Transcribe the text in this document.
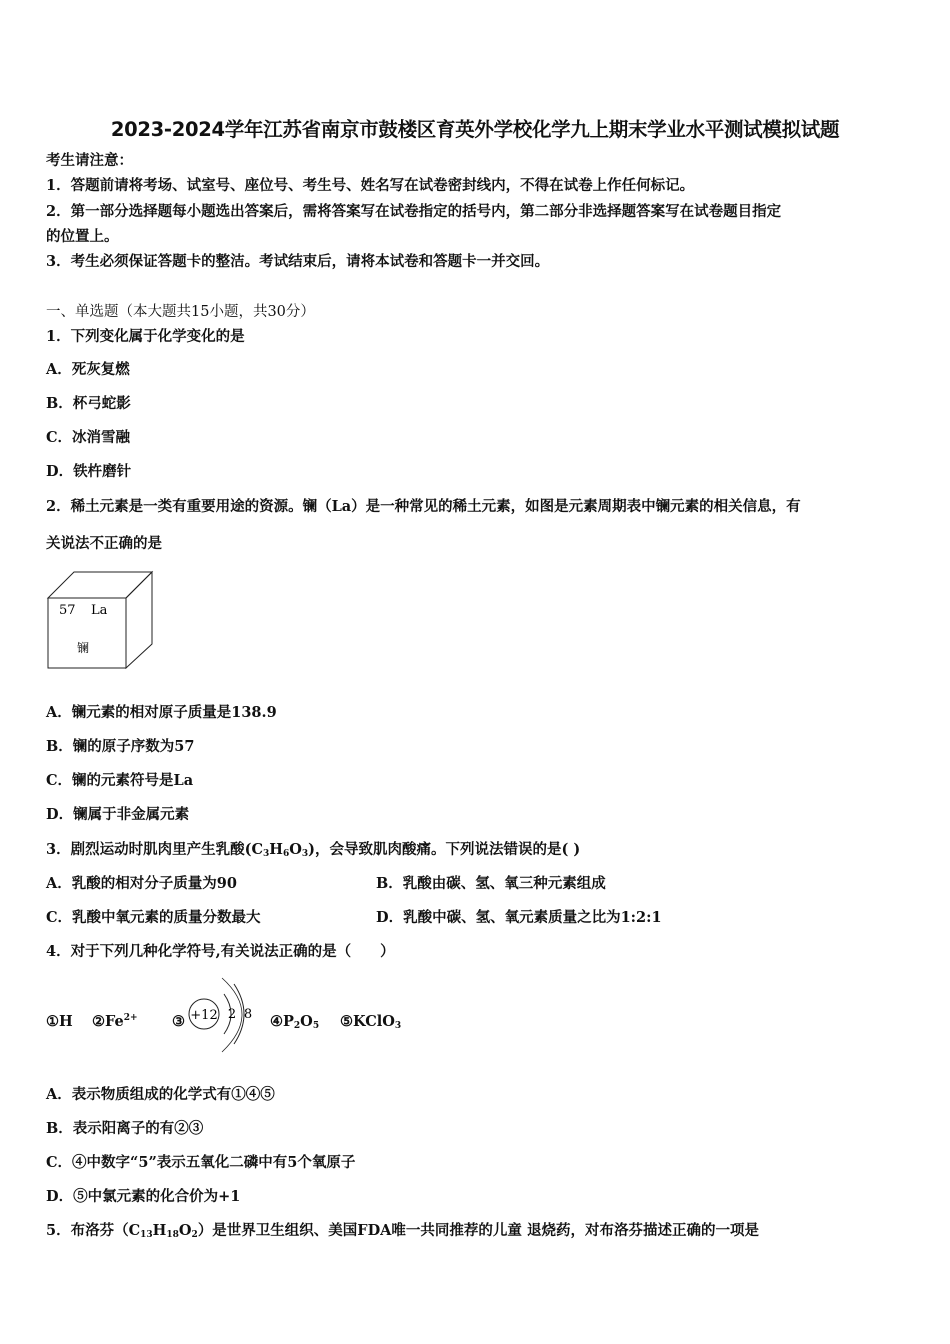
2023-2024学年江苏省南京市鼓楼区育英外学校化学九上期末学业水平测试模拟试题
考生请注意：
1．答题前请将考场、试室号、座位号、考生号、姓名写在试卷密封线内，不得在试卷上作任何标记。
2．第一部分选择题每小题选出答案后，需将答案写在试卷指定的括号内，第二部分非选择题答案写在试卷题目指定
的位置上。
3．考生必须保证答题卡的整洁。考试结束后，请将本试卷和答题卡一并交回。
一、单选题（本大题共15小题，共30分）
1．下列变化属于化学变化的是
A．死灰复燃
B．杯弓蛇影
C．冰消雪融
D．铁杵磨针
2．稀土元素是一类有重要用途的资源。镧（La）是一种常见的稀土元素，如图是元素周期表中镧元素的相关信息，有
关说法不正确的是
57 La
镧
A．镧元素的相对原子质量是138.9
B．镧的原子序数为57
C．镧的元素符号是La
D．镧属于非金属元素
3．剧烈运动时肌肉里产生乳酸$(C_3H_6O_3)$，会导致肌肉酸痛。下列说法错误的是( )
A．乳酸的相对分子质量为90	B．乳酸由碳、氢、氧三种元素组成
C．乳酸中氧元素的质量分数最大	D．乳酸中碳、氢、氧元素质量之比为1:2:1
4．对于下列几种化学符号,有关说法正确的是（　　）
①H $②Fe^{2+}$ ③	$④P_2O_5$ ⑤KClO$_3$
+12 2 8
A．表示物质组成的化学式有①④⑤
B．表示阳离子的有②③
C．④中数字“5”表示五氧化二磷中有5个氧原子
D．⑤中氯元素的化合价为+1
5．布洛芬$(C_{13}H_{18}O_2)$是世界卫生组织、美国FDA唯一共同推荐的儿童 退烧药，对布洛芬描述正确的一项是
